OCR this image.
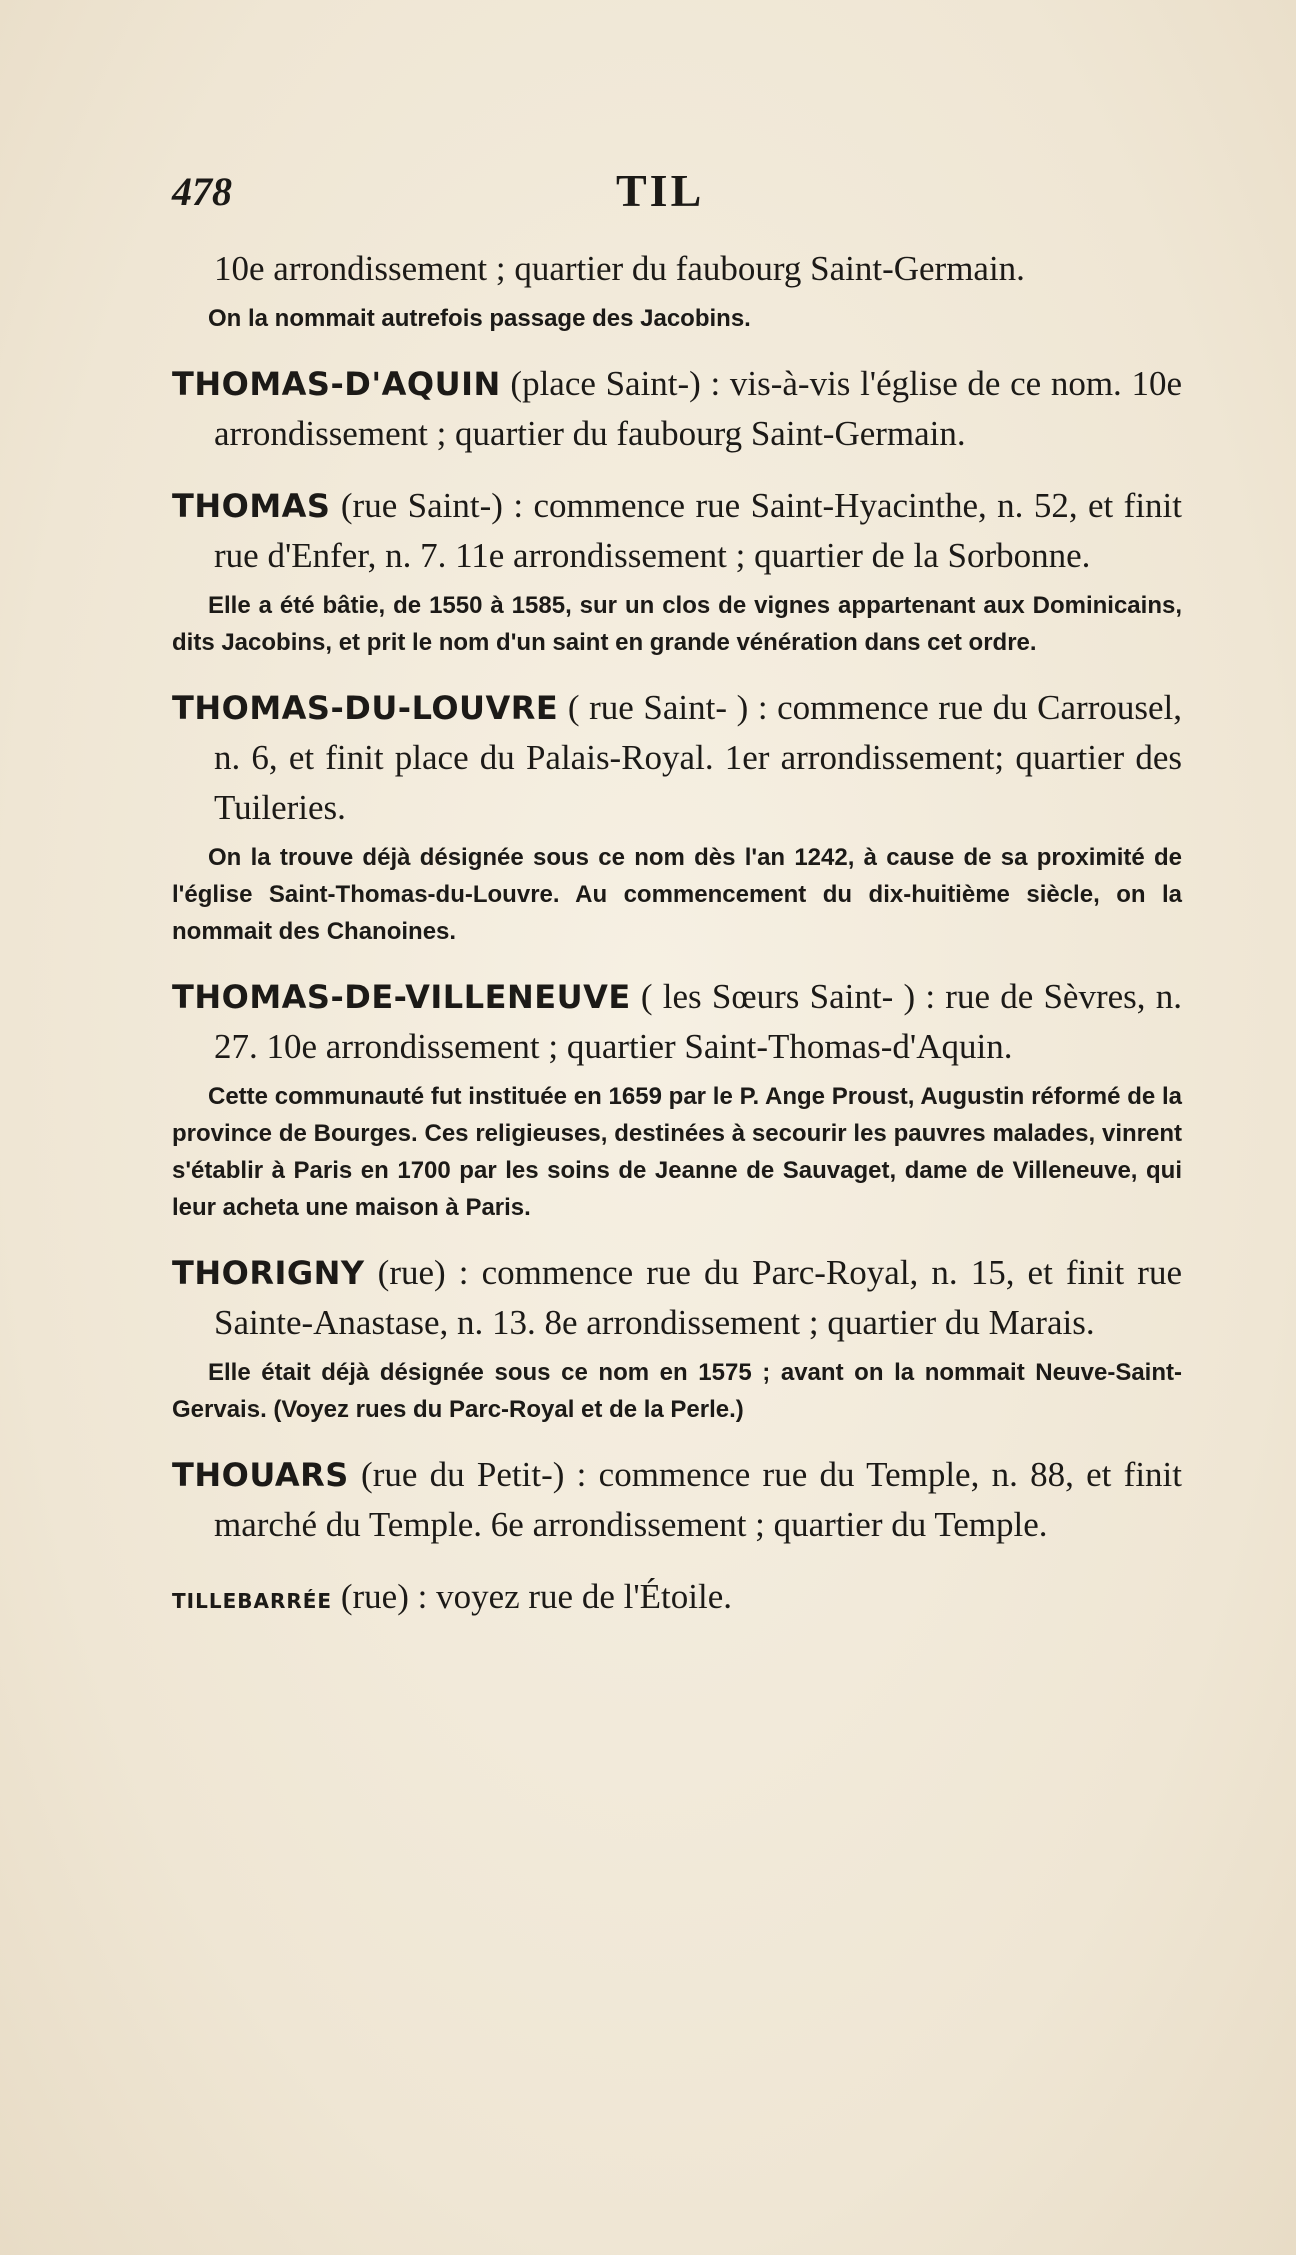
478	TIL

10e arrondissement ; quartier du faubourg Saint-Germain.

On la nommait autrefois passage des Jacobins.

THOMAS-D'AQUIN (place Saint-) : vis-à-vis l'église de ce nom. 10e arrondissement ; quartier du faubourg Saint-Germain.

THOMAS (rue Saint-) : commence rue Saint-Hyacinthe, n. 52, et finit rue d'Enfer, n. 7. 11e arrondissement ; quartier de la Sorbonne.

Elle a été bâtie, de 1550 à 1585, sur un clos de vignes appartenant aux Dominicains, dits Jacobins, et prit le nom d'un saint en grande vénération dans cet ordre.

THOMAS-DU-LOUVRE ( rue Saint- ) : commence rue du Carrousel, n. 6, et finit place du Palais-Royal. 1er arrondissement; quartier des Tuileries.

On la trouve déjà désignée sous ce nom dès l'an 1242, à cause de sa proximité de l'église Saint-Thomas-du-Louvre. Au commencement du dix-huitième siècle, on la nommait des Chanoines.

THOMAS-DE-VILLENEUVE ( les Sœurs Saint- ) : rue de Sèvres, n. 27. 10e arrondissement ; quartier Saint-Thomas-d'Aquin.

Cette communauté fut instituée en 1659 par le P. Ange Proust, Augustin réformé de la province de Bourges. Ces religieuses, destinées à secourir les pauvres malades, vinrent s'établir à Paris en 1700 par les soins de Jeanne de Sauvaget, dame de Villeneuve, qui leur acheta une maison à Paris.

THORIGNY (rue) : commence rue du Parc-Royal, n. 15, et finit rue Sainte-Anastase, n. 13. 8e arrondissement ; quartier du Marais.

Elle était déjà désignée sous ce nom en 1575 ; avant on la nommait Neuve-Saint-Gervais. (Voyez rues du Parc-Royal et de la Perle.)

THOUARS (rue du Petit-) : commence rue du Temple, n. 88, et finit marché du Temple. 6e arrondissement ; quartier du Temple.

TILLEBARRÉE (rue) : voyez rue de l'Étoile.
